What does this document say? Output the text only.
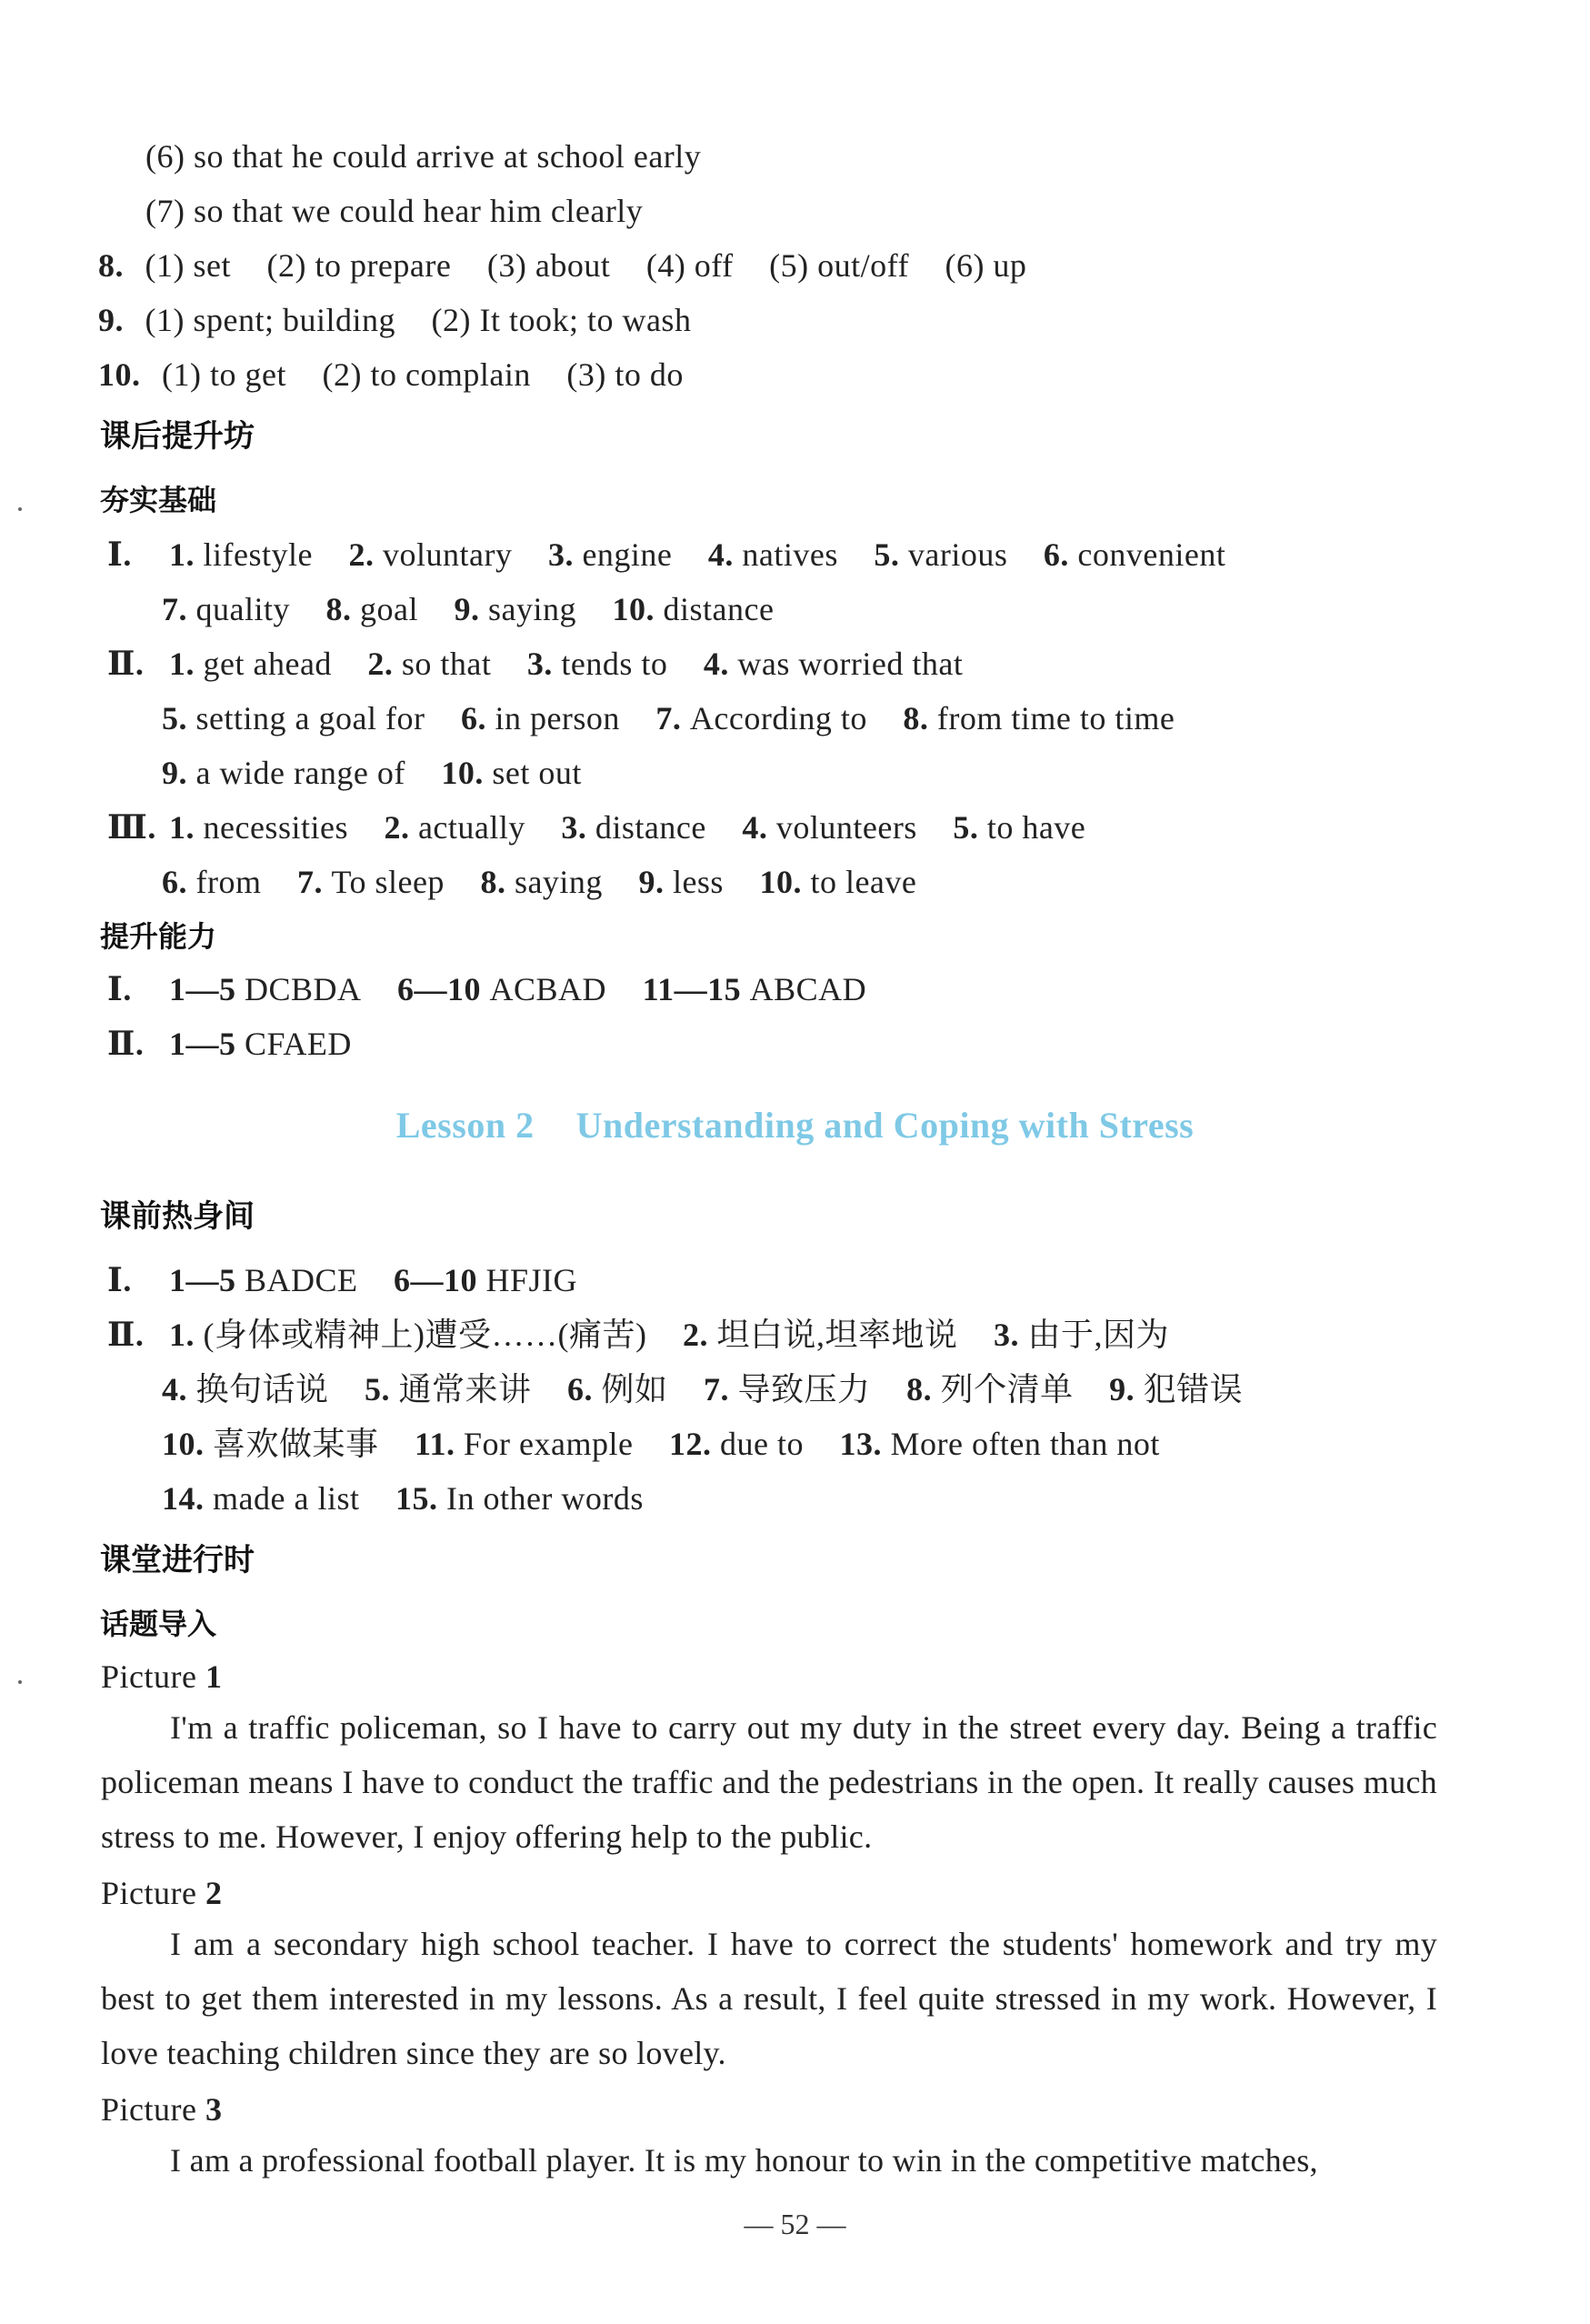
(6) so that he could arrive at school early
(7) so that we could hear him clearly
8. (1) set (2) to prepare (3) about (4) off (5) out/off (6) up
9. (1) spent; building (2) It took; to wash
10. (1) to get (2) to complain (3) to do
课后提升坊
夯实基础
Ⅰ. 1. lifestyle 2. voluntary 3. engine 4. natives 5. various 6. convenient
7. quality 8. goal 9. saying 10. distance
Ⅱ. 1. get ahead 2. so that 3. tends to 4. was worried that
5. setting a goal for 6. in person 7. According to 8. from time to time
9. a wide range of 10. set out
Ⅲ. 1. necessities 2. actually 3. distance 4. volunteers 5. to have
6. from 7. To sleep 8. saying 9. less 10. to leave
提升能力
Ⅰ. 1—5 DCBDA 6—10 ACBAD 11—15 ABCAD
Ⅱ. 1—5 CFAED
Lesson 2 Understanding and Coping with Stress
课前热身间
Ⅰ. 1—5 BADCE 6—10 HFJIG
Ⅱ. 1. (身体或精神上)遭受……(痛苦) 2. 坦白说,坦率地说 3. 由于,因为
4. 换句话说 5. 通常来讲 6. 例如 7. 导致压力 8. 列个清单 9. 犯错误
10. 喜欢做某事 11. For example 12. due to 13. More often than not
14. made a list 15. In other words
课堂进行时
话题导入
Picture 1
I'm a traffic policeman, so I have to carry out my duty in the street every day. Being a traffic policeman means I have to conduct the traffic and the pedestrians in the open. It really causes much stress to me. However, I enjoy offering help to the public.
Picture 2
I am a secondary high school teacher. I have to correct the students' homework and try my best to get them interested in my lessons. As a result, I feel quite stressed in my work. However, I love teaching children since they are so lovely.
Picture 3
I am a professional football player. It is my honour to win in the competitive matches,
— 52 —
